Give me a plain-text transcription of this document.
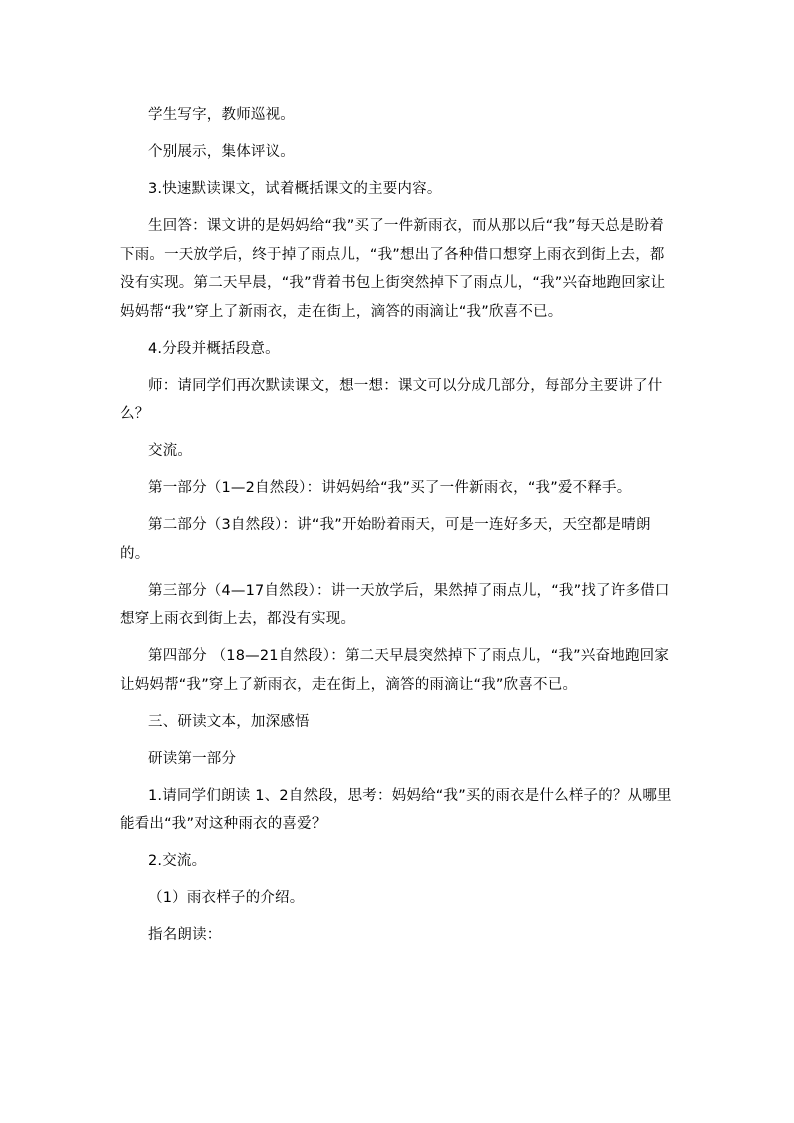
学生写字，教师巡视。

个别展示，集体评议。

3.快速默读课文，试着概括课文的主要内容。

生回答：课文讲的是妈妈给“我”买了一件新雨衣，而从那以后“我”每天总是盼着下雨。一天放学后，终于掉了雨点儿，“我”想出了各种借口想穿上雨衣到街上去，都没有实现。第二天早晨，“我”背着书包上街突然掉下了雨点儿，“我”兴奋地跑回家让妈妈帮“我”穿上了新雨衣，走在街上，滴答的雨滴让“我”欣喜不已。

4.分段并概括段意。

师：请同学们再次默读课文，想一想：课文可以分成几部分，每部分主要讲了什么？

交流。

第一部分（1—2自然段）：讲妈妈给“我”买了一件新雨衣，“我”爱不释手。

第二部分（3自然段）：讲“我”开始盼着雨天，可是一连好多天，天空都是晴朗的。

第三部分（4—17自然段）：讲一天放学后，果然掉了雨点儿，“我”找了许多借口想穿上雨衣到街上去，都没有实现。

第四部分 （18—21自然段）：第二天早晨突然掉下了雨点儿，“我”兴奋地跑回家让妈妈帮“我”穿上了新雨衣，走在街上，滴答的雨滴让“我”欣喜不已。

三、研读文本，加深感悟

研读第一部分

1.请同学们朗读 1、2自然段，思考：妈妈给“我”买的雨衣是什么样子的？从哪里能看出“我”对这种雨衣的喜爱？

2.交流。

（1）雨衣样子的介绍。

指名朗读：
